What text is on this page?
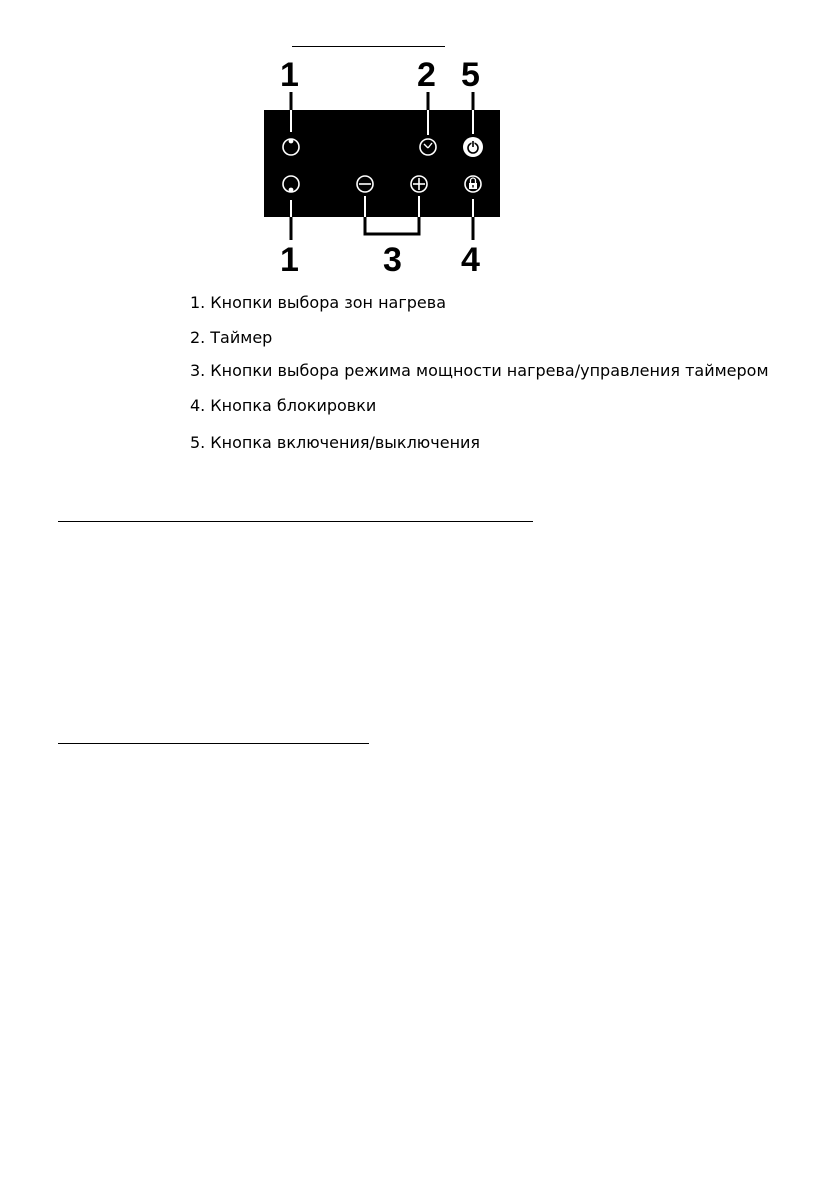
1	2 5
1 3 4
1. Кнопки выбора зон нагрева
2. Таймер
3. Кнопки выбора режима мощности нагрева/управления таймером
4. Кнопка блокировки
5. Кнопка включения/выключения
